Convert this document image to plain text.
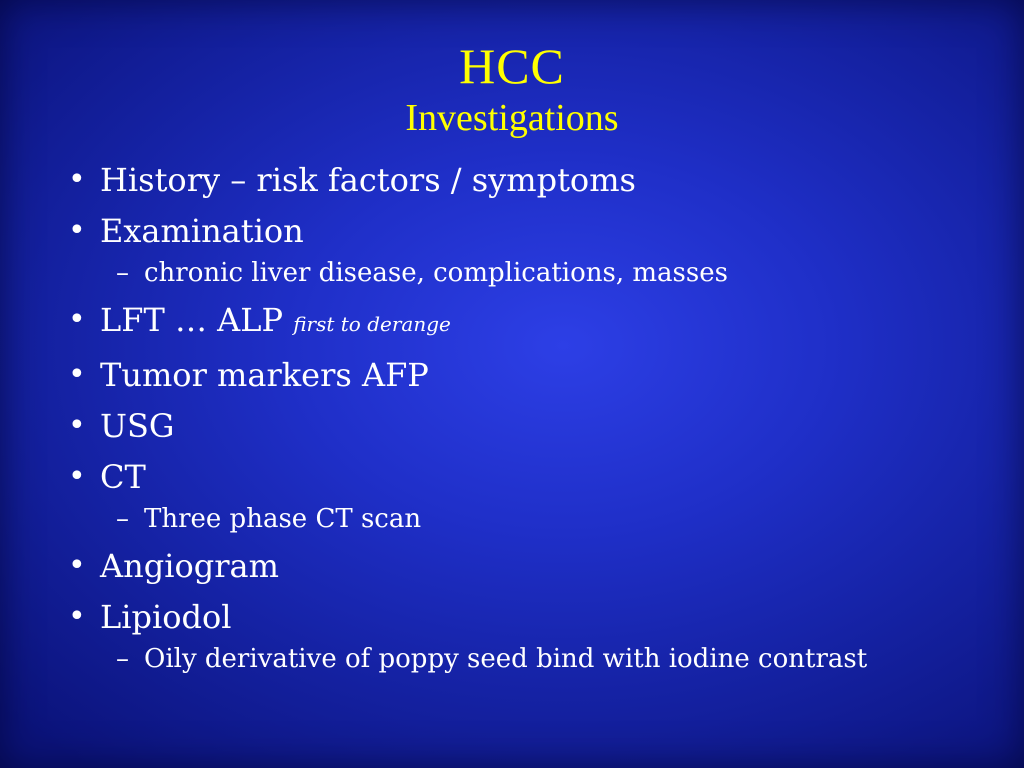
HCC
Investigations
• History – risk factors / symptoms
• Examination
– chronic liver disease, complications, masses
• LFT … ALP first to derange
• Tumor markers AFP
• USG
• CT
– Three phase CT scan
• Angiogram
• Lipiodol
– Oily derivative of poppy seed bind with iodine contrast
